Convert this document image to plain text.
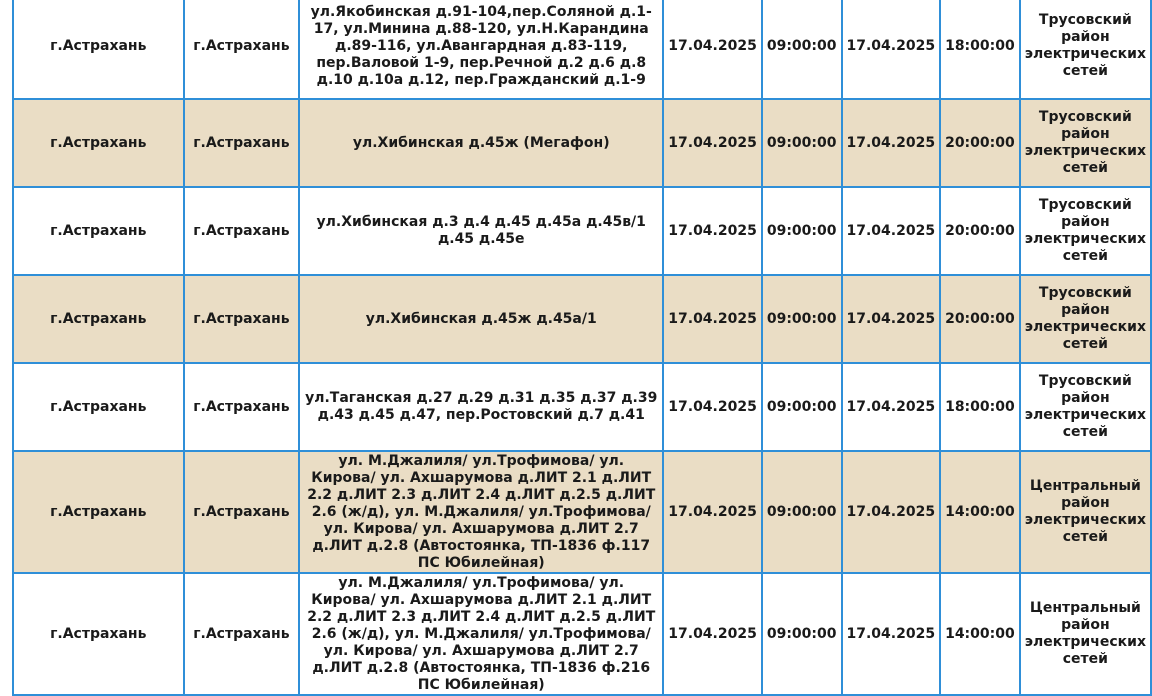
г.Астрахань	г.Астрахань	ул.Якобинская д.91-104,пер.Соляной д.1-17, ул.Минина д.88-120, ул.Н.Карандина д.89-116, ул.Авангардная д.83-119, пер.Валовой 1-9, пер.Речной д.2 д.6 д.8 д.10 д.10а д.12, пер.Гражданский д.1-9	17.04.2025	09:00:00	17.04.2025	18:00:00	Трусовский район электрических сетей
г.Астрахань	г.Астрахань	ул.Хибинская д.45ж (Мегафон)	17.04.2025	09:00:00	17.04.2025	20:00:00	Трусовский район электрических сетей
г.Астрахань	г.Астрахань	ул.Хибинская д.3 д.4 д.45 д.45а д.45в/1 д.45 д.45е	17.04.2025	09:00:00	17.04.2025	20:00:00	Трусовский район электрических сетей
г.Астрахань	г.Астрахань	ул.Хибинская д.45ж д.45а/1	17.04.2025	09:00:00	17.04.2025	20:00:00	Трусовский район электрических сетей
г.Астрахань	г.Астрахань	ул.Таганская д.27 д.29 д.31 д.35 д.37 д.39 д.43 д.45 д.47, пер.Ростовский д.7 д.41	17.04.2025	09:00:00	17.04.2025	18:00:00	Трусовский район электрических сетей
г.Астрахань	г.Астрахань	ул. М.Джалиля/ ул.Трофимова/ ул. Кирова/ ул. Ахшарумова д.ЛИТ 2.1 д.ЛИТ 2.2 д.ЛИТ 2.3 д.ЛИТ 2.4 д.ЛИТ д.2.5 д.ЛИТ 2.6 (ж/д), ул. М.Джалиля/ ул.Трофимова/ ул. Кирова/ ул. Ахшарумова д.ЛИТ 2.7 д.ЛИТ д.2.8 (Автостоянка, ТП-1836 ф.117 ПС Юбилейная)	17.04.2025	09:00:00	17.04.2025	14:00:00	Центральный район электрических сетей
г.Астрахань	г.Астрахань	ул. М.Джалиля/ ул.Трофимова/ ул. Кирова/ ул. Ахшарумова д.ЛИТ 2.1 д.ЛИТ 2.2 д.ЛИТ 2.3 д.ЛИТ 2.4 д.ЛИТ д.2.5 д.ЛИТ 2.6 (ж/д), ул. М.Джалиля/ ул.Трофимова/ ул. Кирова/ ул. Ахшарумова д.ЛИТ 2.7 д.ЛИТ д.2.8 (Автостоянка, ТП-1836 ф.216 ПС Юбилейная)	17.04.2025	09:00:00	17.04.2025	14:00:00	Центральный район электрических сетей
